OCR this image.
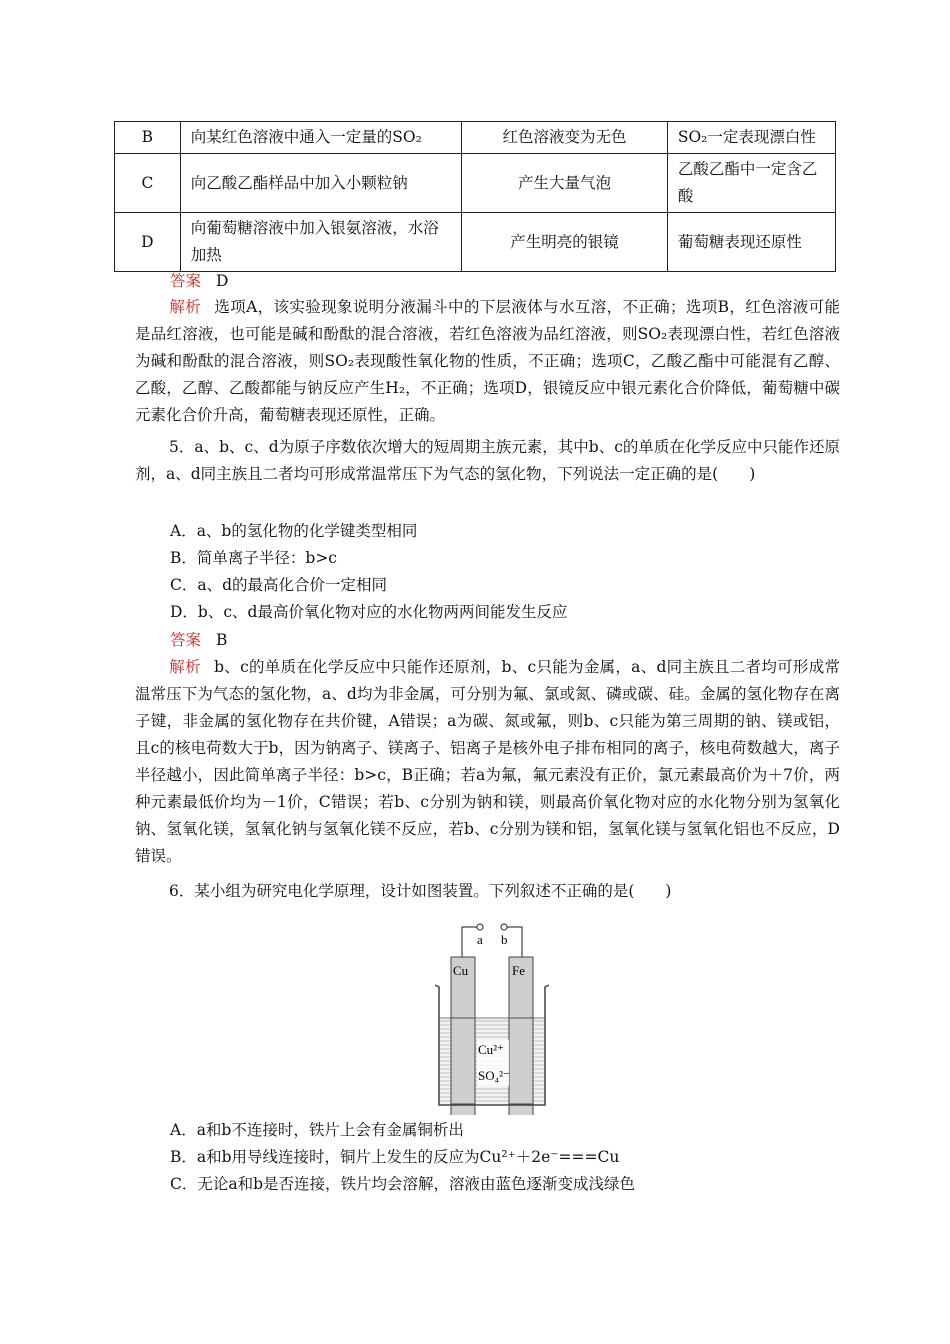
B	向某红色溶液中通入一定量的SO₂	红色溶液变为无色	SO₂一定表现漂白性
C	向乙酸乙酯样品中加入小颗粒钠	产生大量气泡	乙酸乙酯中一定含乙酸
D	向葡萄糖溶液中加入银氨溶液，水浴加热	产生明亮的银镜	葡萄糖表现还原性
答案 D
解析 选项A，该实验现象说明分液漏斗中的下层液体与水互溶，不正确；选项B，红色溶液可能是品红溶液，也可能是碱和酚酞的混合溶液，若红色溶液为品红溶液，则SO₂表现漂白性，若红色溶液为碱和酚酞的混合溶液，则SO₂表现酸性氧化物的性质，不正确；选项C，乙酸乙酯中可能混有乙醇、乙酸，乙醇、乙酸都能与钠反应产生H₂，不正确；选项D，银镜反应中银元素化合价降低，葡萄糖中碳元素化合价升高，葡萄糖表现还原性，正确。
5．a、b、c、d为原子序数依次增大的短周期主族元素，其中b、c的单质在化学反应中只能作还原剂，a、d同主族且二者均可形成常温常压下为气态的氢化物，下列说法一定正确的是(　　)
A．a、b的氢化物的化学键类型相同
B．简单离子半径：b>c
C．a、d的最高化合价一定相同
D．b、c、d最高价氧化物对应的水化物两两间能发生反应
答案 B
解析 b、c的单质在化学反应中只能作还原剂，b、c只能为金属，a、d同主族且二者均可形成常温常压下为气态的氢化物，a、d均为非金属，可分别为氟、氯或氮、磷或碳、硅。金属的氢化物存在离子键，非金属的氢化物存在共价键，A错误；a为碳、氮或氟，则b、c只能为第三周期的钠、镁或铝，且c的核电荷数大于b，因为钠离子、镁离子、铝离子是核外电子排布相同的离子，核电荷数越大，离子半径越小，因此简单离子半径：b>c，B正确；若a为氟，氟元素没有正价，氯元素最高价为＋7价，两种元素最低价均为－1价，C错误；若b、c分别为钠和镁，则最高价氧化物对应的水化物分别为氢氧化钠、氢氧化镁，氢氧化钠与氢氧化镁不反应，若b、c分别为镁和铝，氢氧化镁与氢氧化铝也不反应，D错误。
6．某小组为研究电化学原理，设计如图装置。下列叙述不正确的是(　　)
a b
Cu	Fe
Cu²⁺
SO₄²⁻
A．a和b不连接时，铁片上会有金属铜析出
B．a和b用导线连接时，铜片上发生的反应为Cu²⁺＋2e⁻===Cu
C．无论a和b是否连接，铁片均会溶解，溶液由蓝色逐渐变成浅绿色
